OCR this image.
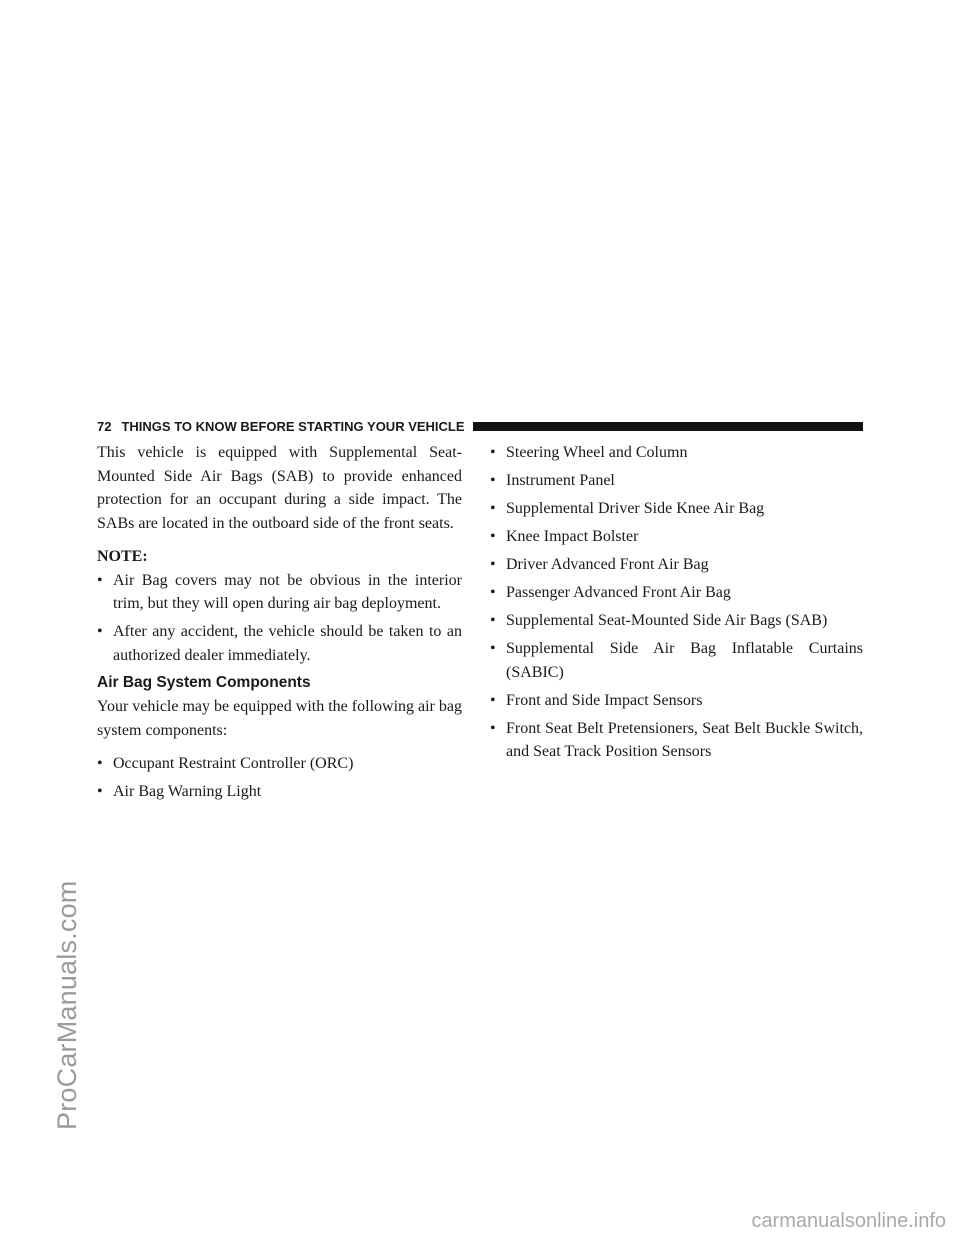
ProCarManuals.com
72 THINGS TO KNOW BEFORE STARTING YOUR VEHICLE

This vehicle is equipped with Supplemental Seat-Mounted Side Air Bags (SAB) to provide enhanced protection for an occupant during a side impact. The SABs are located in the outboard side of the front seats.

NOTE:

• Air Bag covers may not be obvious in the interior trim, but they will open during air bag deployment.
• After any accident, the vehicle should be taken to an authorized dealer immediately.
Air Bag System Components

Your vehicle may be equipped with the following air bag system components:

• Occupant Restraint Controller (ORC)
• Air Bag Warning Light
• Steering Wheel and Column
• Instrument Panel
• Supplemental Driver Side Knee Air Bag
• Knee Impact Bolster
• Driver Advanced Front Air Bag
• Passenger Advanced Front Air Bag
• Supplemental Seat-Mounted Side Air Bags (SAB)
• Supplemental Side Air Bag Inflatable Curtains (SABIC)
• Front and Side Impact Sensors
• Front Seat Belt Pretensioners, Seat Belt Buckle Switch, and Seat Track Position Sensors
carmanualsonline.info
